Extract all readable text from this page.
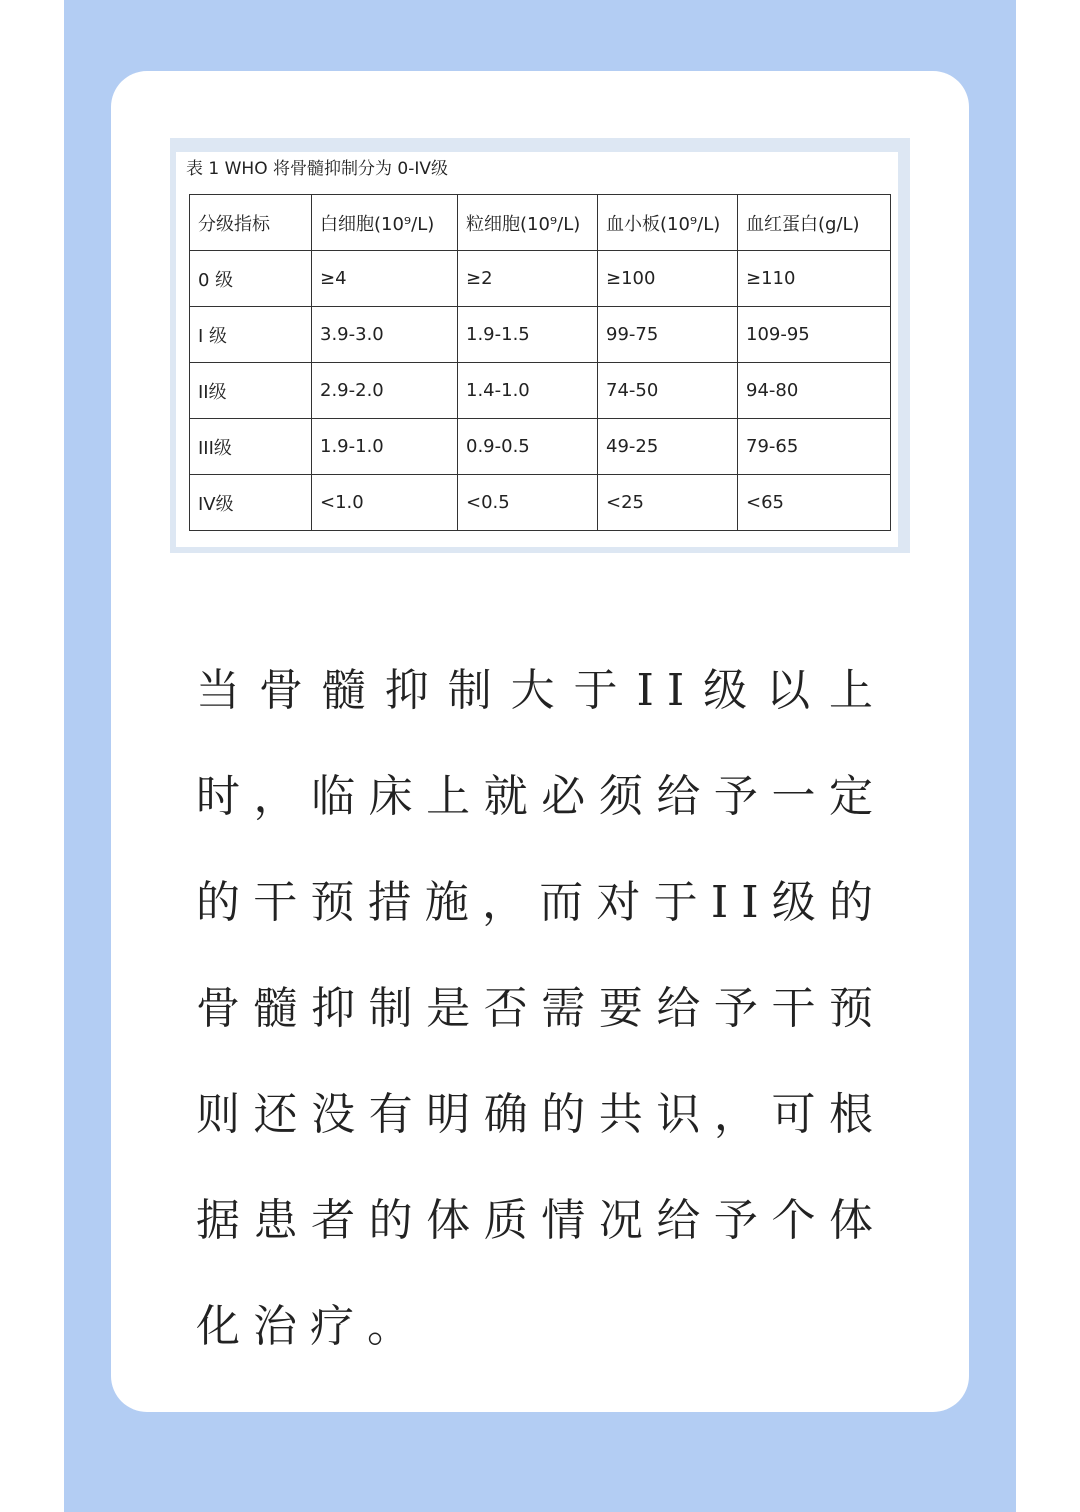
表 1 WHO 将骨髓抑制分为 0-IV级
分级指标	白细胞(10⁹/L)	粒细胞(10⁹/L)	血小板(10⁹/L)	血红蛋白(g/L)
0 级	≥4	≥2	≥100	≥110
I 级	3.9-3.0	1.9-1.5	99-75	109-95
II级	2.9-2.0	1.4-1.0	74-50	94-80
III级	1.9-1.0	0.9-0.5	49-25	79-65
IV级	<1.0	<0.5	<25	<65
当骨髓抑制大于II级以上时，临床上就必须给予一定的干预措施，而对于II级的骨髓抑制是否需要给予干预则还没有明确的共识，可根据患者的体质情况给予个体化治疗。
